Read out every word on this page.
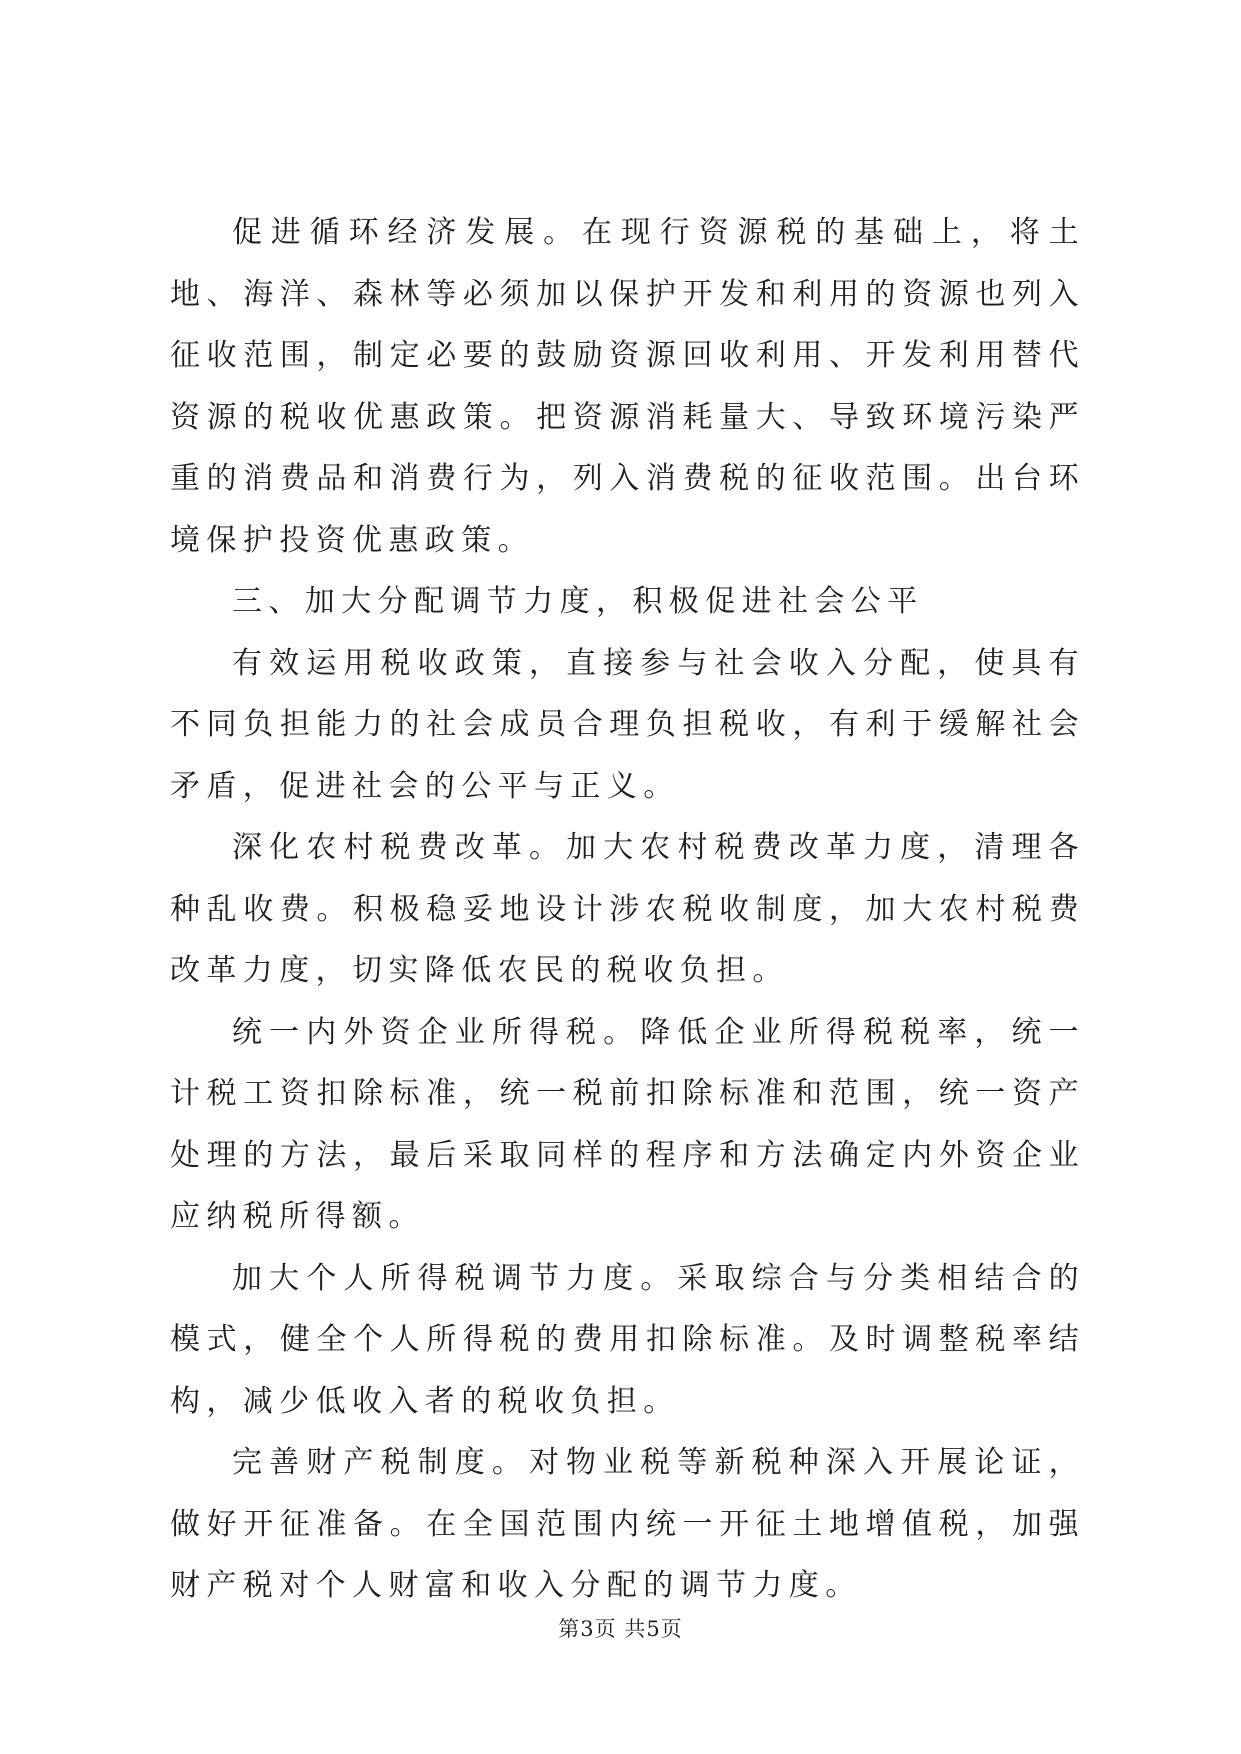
促进循环经济发展。在现行资源税的基础上，将土地、海洋、森林等必须加以保护开发和利用的资源也列入征收范围，制定必要的鼓励资源回收利用、开发利用替代资源的税收优惠政策。把资源消耗量大、导致环境污染严重的消费品和消费行为，列入消费税的征收范围。出台环境保护投资优惠政策。

三、加大分配调节力度，积极促进社会公平

有效运用税收政策，直接参与社会收入分配，使具有不同负担能力的社会成员合理负担税收，有利于缓解社会矛盾，促进社会的公平与正义。

深化农村税费改革。加大农村税费改革力度，清理各种乱收费。积极稳妥地设计涉农税收制度，加大农村税费改革力度，切实降低农民的税收负担。

统一内外资企业所得税。降低企业所得税税率，统一计税工资扣除标准，统一税前扣除标准和范围，统一资产处理的方法，最后采取同样的程序和方法确定内外资企业应纳税所得额。

加大个人所得税调节力度。采取综合与分类相结合的模式，健全个人所得税的费用扣除标准。及时调整税率结构，减少低收入者的税收负担。

完善财产税制度。对物业税等新税种深入开展论证，做好开征准备。在全国范围内统一开征土地增值税，加强财产税对个人财富和收入分配的调节力度。

第3页 共5页
